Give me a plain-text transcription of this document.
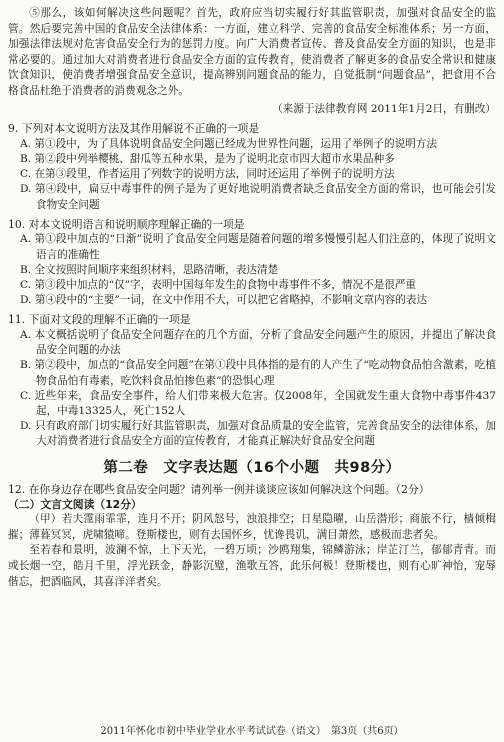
⑤那么，该如何解决这些问题呢？首先，政府应当切实履行好其监管职责，加强对食品安全的监管。然后要完善中国的食品安全法律体系：一方面，建立科学、完善的食品安全标准体系；另一方面，加强法律法规对危害食品安全行为的惩罚力度。向广大消费者宣传、普及食品安全方面的知识，也是非常必要的。通过加大对消费者进行食品安全方面的宣传教育，使消费者了解更多的食品安全常识和健康饮食知识，使消费者增强食品安全意识，提高辨别问题食品的能力，自觉抵制“问题食品”，把食用不合格食品杜绝于消费者的消费观念之外。

（来源于法律教育网 2011年1月2日，有删改）

9. 下列对本文说明方法及其作用解说不正确的一项是

A. 第①段中，为了具体说明食品安全问题已经成为世界性问题，运用了举例子的说明方法

B. 第②段中列举樱桃、甜瓜等五种水果，是为了说明北京市四大超市水果品种多

C. 在第③段里，作者运用了列数字的说明方法，同时还运用了举例子的说明方法

D. 第④段中，扁豆中毒事件的例子是为了更好地说明消费者缺乏食品安全方面的常识，也可能会引发食物安全问题

10. 对本文说明语言和说明顺序理解正确的一项是

A. 第①段中加点的“日渐”说明了食品安全问题是随着问题的增多慢慢引起人们注意的，体现了说明文语言的准确性

B. 全文按照时间顺序来组织材料，思路清晰，表达清楚

C. 第③段中加点的“仅”字，表明中国每年发生的食物中毒事件不多，情况不是很严重

D. 第④段中的“主要”一词，在文中作用不大，可以把它省略掉，不影响文章内容的表达

11. 下面对文段的理解不正确的一项是

A. 本文概括说明了食品安全问题存在的几个方面，分析了食品安全问题产生的原因，并提出了解决食品安全问题的办法

B. 第②段中，加点的“食品安全问题”在第①段中具体指的是有的人产生了“吃动物食品怕含激素，吃植物食品怕有毒素，吃饮料食品怕掺色素”的恐惧心理

C. 近些年来，食品安全事件，给人们带来极大危害。仅2008年，全国就发生重大食物中毒事件437起，中毒13325人，死亡152人

D. 只有政府部门切实履行好其监管职责，加强对食品质量的安全监管，完善食品安全的法律体系，加大对消费者进行食品安全方面的宣传教育，才能真正解决好食品安全问题

第二卷　文字表达题（16个小题　共98分）

12. 在你身边存在哪些食品安全问题？请列举一例并谈谈应该如何解决这个问题。（2分）

（二）文言文阅读（12分）

（甲）若夫霪雨霏霏，连月不开；阴风怒号，浊浪排空；日星隐曜，山岳潜形；商旅不行，樯倾楫摧；薄暮冥冥，虎啸猿啼。登斯楼也，则有去国怀乡，忧谗畏讥，满目萧然，感极而悲者矣。

至若春和景明，波澜不惊，上下天光，一碧万顷；沙鸥翔集，锦鳞游泳；岸芷汀兰，郁郁青青。而或长烟一空，皓月千里，浮光跃金，静影沉璧，渔歌互答，此乐何极！登斯楼也，则有心旷神怡，宠辱偕忘，把酒临风，其喜洋洋者矣。

2011年怀化市初中毕业学业水平考试试卷（语文）　第3页（共6页）
